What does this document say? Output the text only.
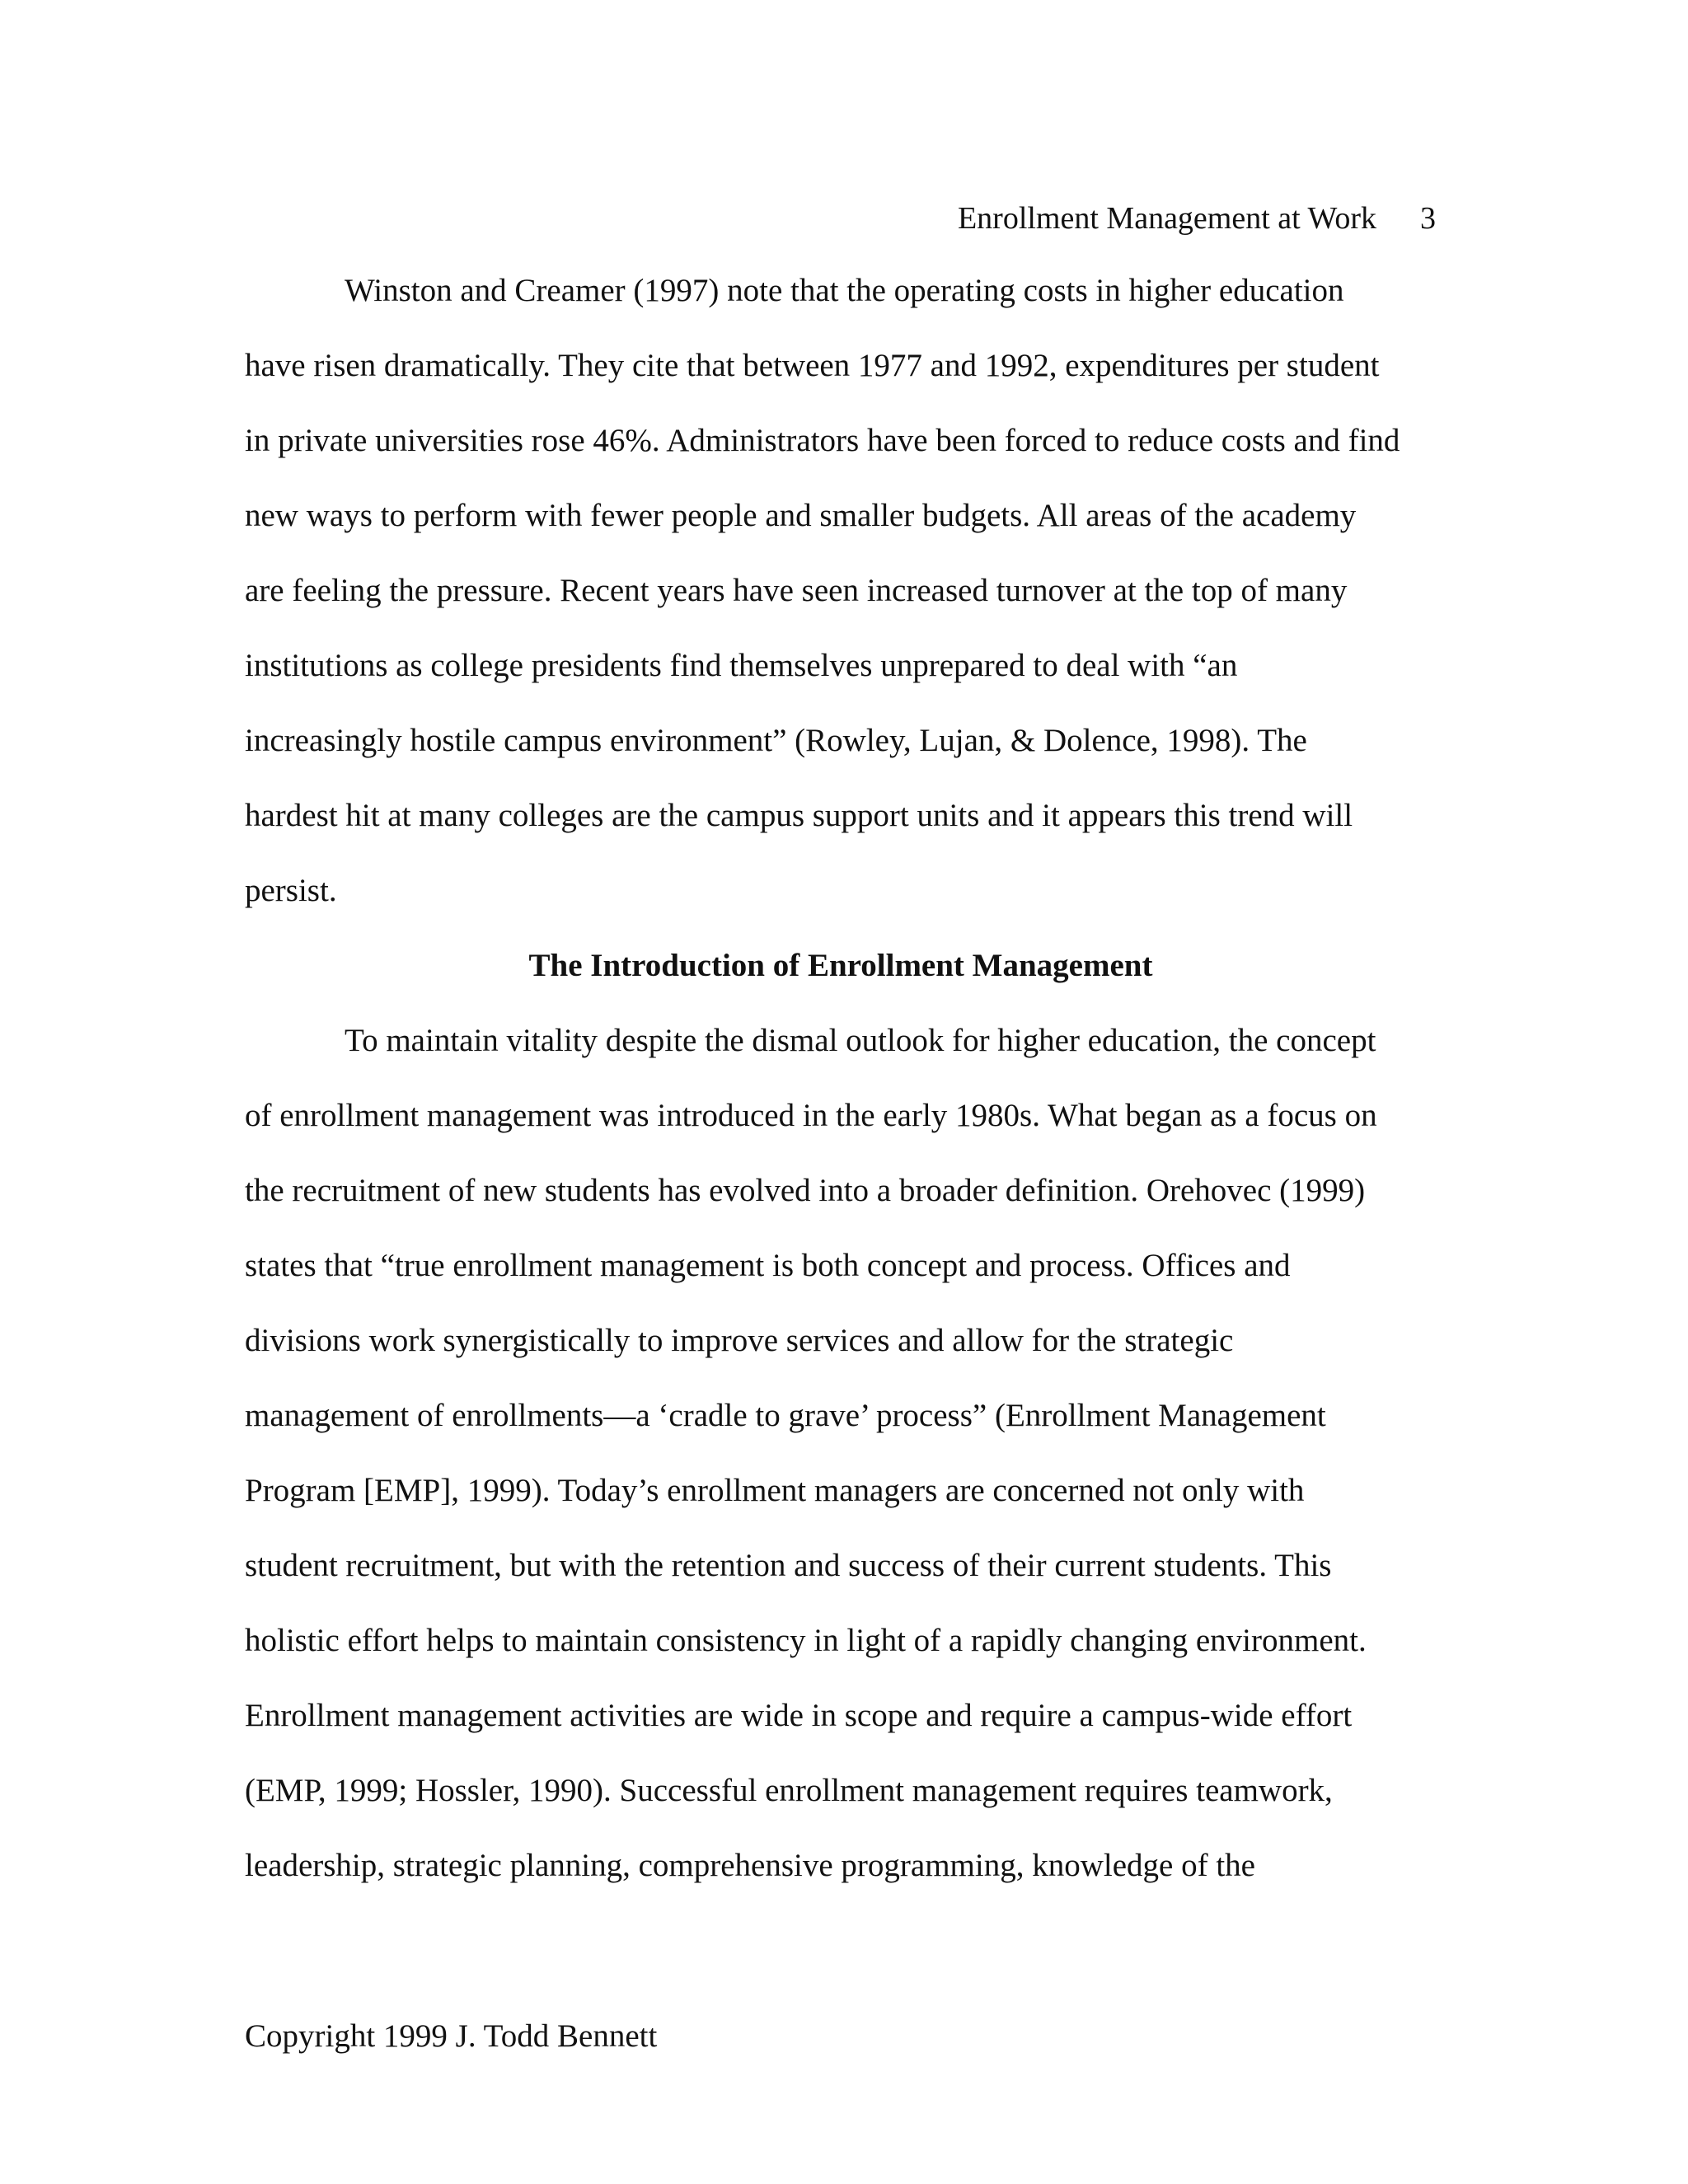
Enrollment Management at Work 3
Winston and Creamer (1997) note that the operating costs in higher education
have risen dramatically. They cite that between 1977 and 1992, expenditures per student
in private universities rose 46%. Administrators have been forced to reduce costs and find
new ways to perform with fewer people and smaller budgets. All areas of the academy
are feeling the pressure. Recent years have seen increased turnover at the top of many
institutions as college presidents find themselves unprepared to deal with “an
increasingly hostile campus environment” (Rowley, Lujan, & Dolence, 1998). The
hardest hit at many colleges are the campus support units and it appears this trend will
persist.
The Introduction of Enrollment Management
To maintain vitality despite the dismal outlook for higher education, the concept
of enrollment management was introduced in the early 1980s. What began as a focus on
the recruitment of new students has evolved into a broader definition. Orehovec (1999)
states that “true enrollment management is both concept and process. Offices and
divisions work synergistically to improve services and allow for the strategic
management of enrollments—a ‘cradle to grave’ process” (Enrollment Management
Program [EMP], 1999). Today’s enrollment managers are concerned not only with
student recruitment, but with the retention and success of their current students. This
holistic effort helps to maintain consistency in light of a rapidly changing environment.
Enrollment management activities are wide in scope and require a campus-wide effort
(EMP, 1999; Hossler, 1990). Successful enrollment management requires teamwork,
leadership, strategic planning, comprehensive programming, knowledge of the
Copyright 1999 J. Todd Bennett
